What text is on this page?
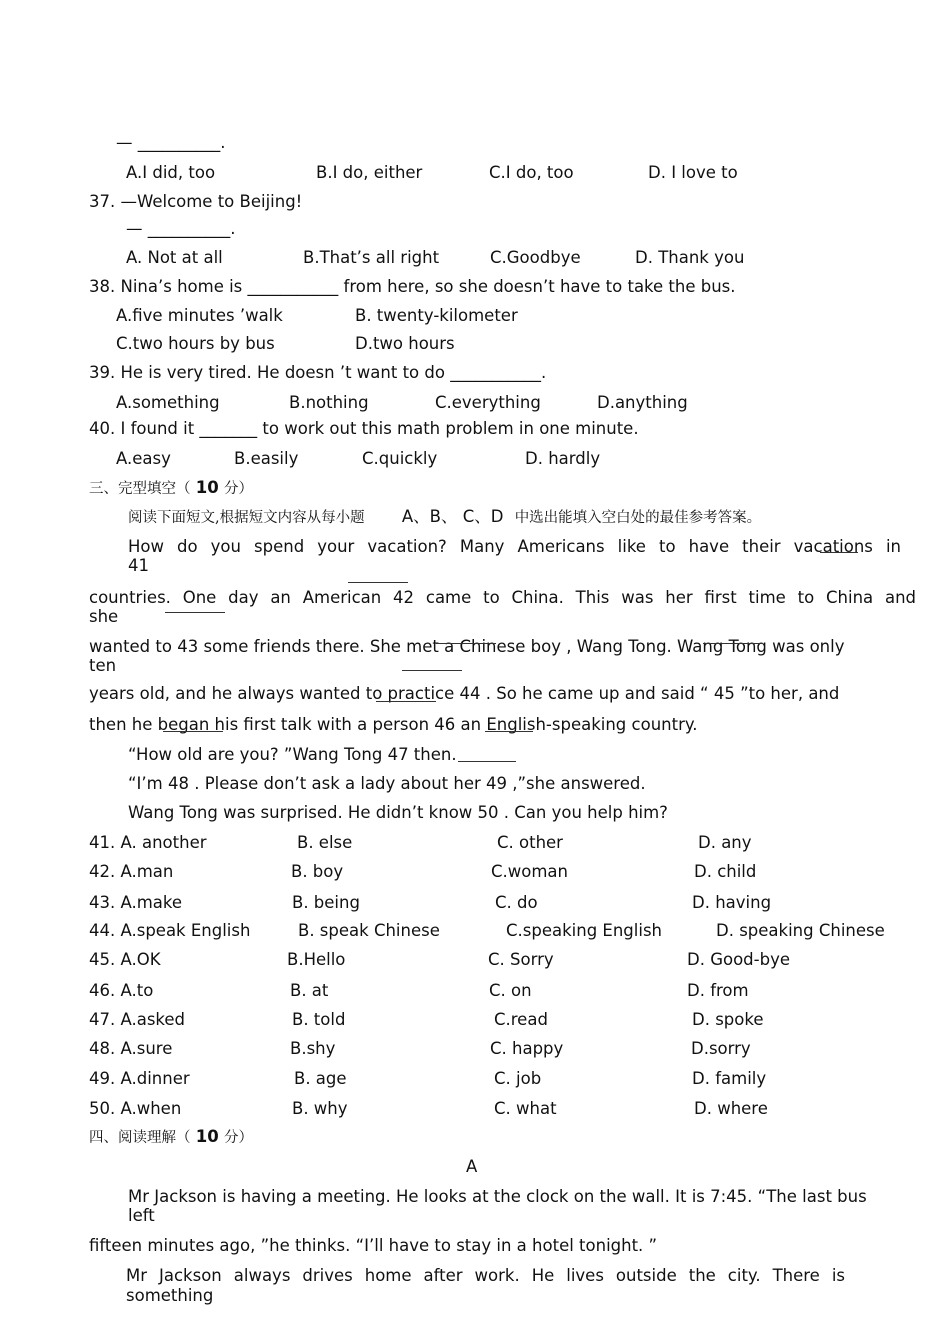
— __________.
A.I did, too	B.I do, either	C.I do, too	D. I love to
37. —Welcome to Beijing!
— __________.
A. Not at all	B.That’s all right	C.Goodbye	D. Thank you
38. Nina’s home is ___________ from here, so she doesn’t have to take the bus.
A.five minutes ’walk	B. twenty-kilometer
C.two hours by bus	D.two hours
39. He is very tired. He doesn ’t want to do ___________.
A.something	B.nothing	C.everything	D.anything
40. I found it _______ to work out this math problem in one minute.
A.easy	B.easily	C.quickly	D. hardly
三、完型填空（ 10 分）
阅读下面短文,根据短文内容从每小题 A、B、 C、D 中选出能填入空白处的最佳参考答案。
How do you spend your vacation? Many Americans like to have their vacations in
41
countries. One day an American 42 came to China. This was her first time to China and
she
wanted to 43 some friends there. She met a Chinese boy , Wang Tong. Wang Tong was only
ten
years old, and he always wanted to practice 44 . So he came up and said “ 45 ”to her, and
then he began his first talk with a person 46 an English-speaking country.
“How old are you? ”Wang Tong 47 then.
“I’m 48 . Please don’t ask a lady about her 49 ,”she answered.
Wang Tong was surprised. He didn’t know 50 . Can you help him?
41. A. another	B. else	C. other	D. any
42. A.man	B. boy	C.woman	D. child
43. A.make	B. being	C. do	D. having
44. A.speak English	B. speak Chinese	C.speaking English	D. speaking Chinese
45. A.OK	B.Hello	C. Sorry	D. Good-bye
46. A.to	B. at	C. on	D. from
47. A.asked	B. told	C.read	D. spoke
48. A.sure	B.shy	C. happy	D.sorry
49. A.dinner	B. age	C. job	D. family
50. A.when	B. why	C. what	D. where
四、阅读理解（ 10 分）
A
Mr Jackson is having a meeting. He looks at the clock on the wall. It is 7:45. “The last bus
left
fifteen minutes ago, ”he thinks. “I’ll have to stay in a hotel tonight. ”
Mr Jackson always drives home after work. He lives outside the city. There is
something
